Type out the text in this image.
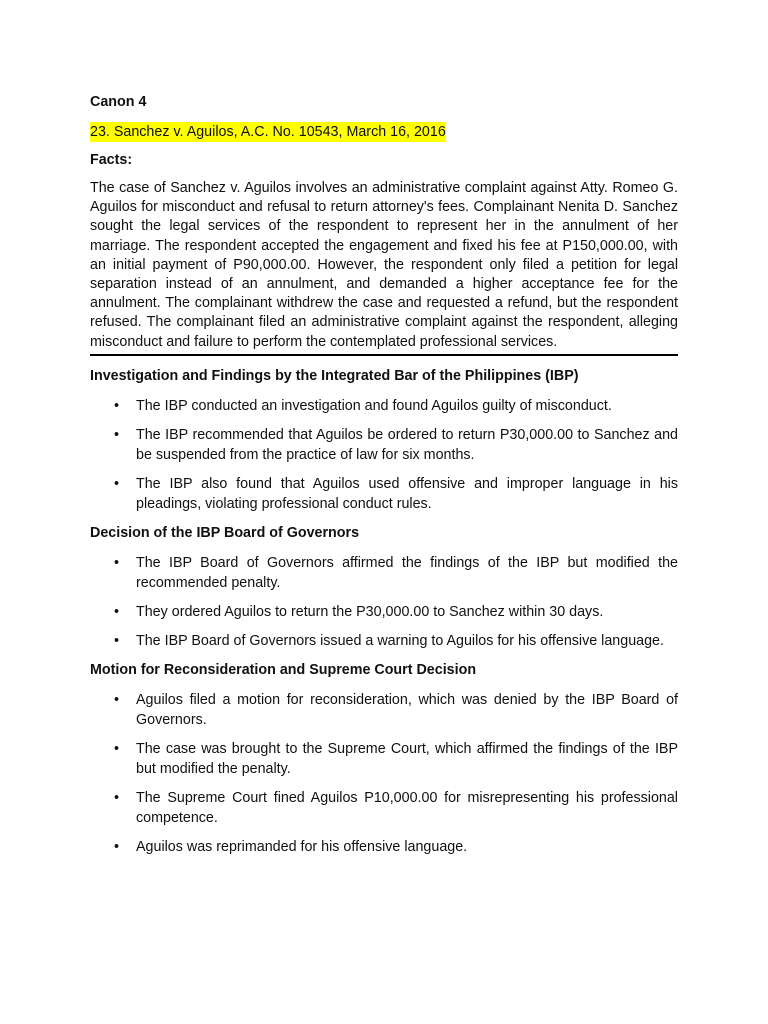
Canon 4

23. Sanchez v. Aguilos, A.C. No. 10543, March 16, 2016

Facts:

The case of Sanchez v. Aguilos involves an administrative complaint against Atty. Romeo G. Aguilos for misconduct and refusal to return attorney's fees. Complainant Nenita D. Sanchez sought the legal services of the respondent to represent her in the annulment of her marriage. The respondent accepted the engagement and fixed his fee at P150,000.00, with an initial payment of P90,000.00. However, the respondent only filed a petition for legal separation instead of an annulment, and demanded a higher acceptance fee for the annulment. The complainant withdrew the case and requested a refund, but the respondent refused. The complainant filed an administrative complaint against the respondent, alleging misconduct and failure to perform the contemplated professional services.

Investigation and Findings by the Integrated Bar of the Philippines (IBP)

• The IBP conducted an investigation and found Aguilos guilty of misconduct.
• The IBP recommended that Aguilos be ordered to return P30,000.00 to Sanchez and be suspended from the practice of law for six months.
• The IBP also found that Aguilos used offensive and improper language in his pleadings, violating professional conduct rules.

Decision of the IBP Board of Governors

• The IBP Board of Governors affirmed the findings of the IBP but modified the recommended penalty.
• They ordered Aguilos to return the P30,000.00 to Sanchez within 30 days.
• The IBP Board of Governors issued a warning to Aguilos for his offensive language.

Motion for Reconsideration and Supreme Court Decision

• Aguilos filed a motion for reconsideration, which was denied by the IBP Board of Governors.
• The case was brought to the Supreme Court, which affirmed the findings of the IBP but modified the penalty.
• The Supreme Court fined Aguilos P10,000.00 for misrepresenting his professional competence.
• Aguilos was reprimanded for his offensive language.
